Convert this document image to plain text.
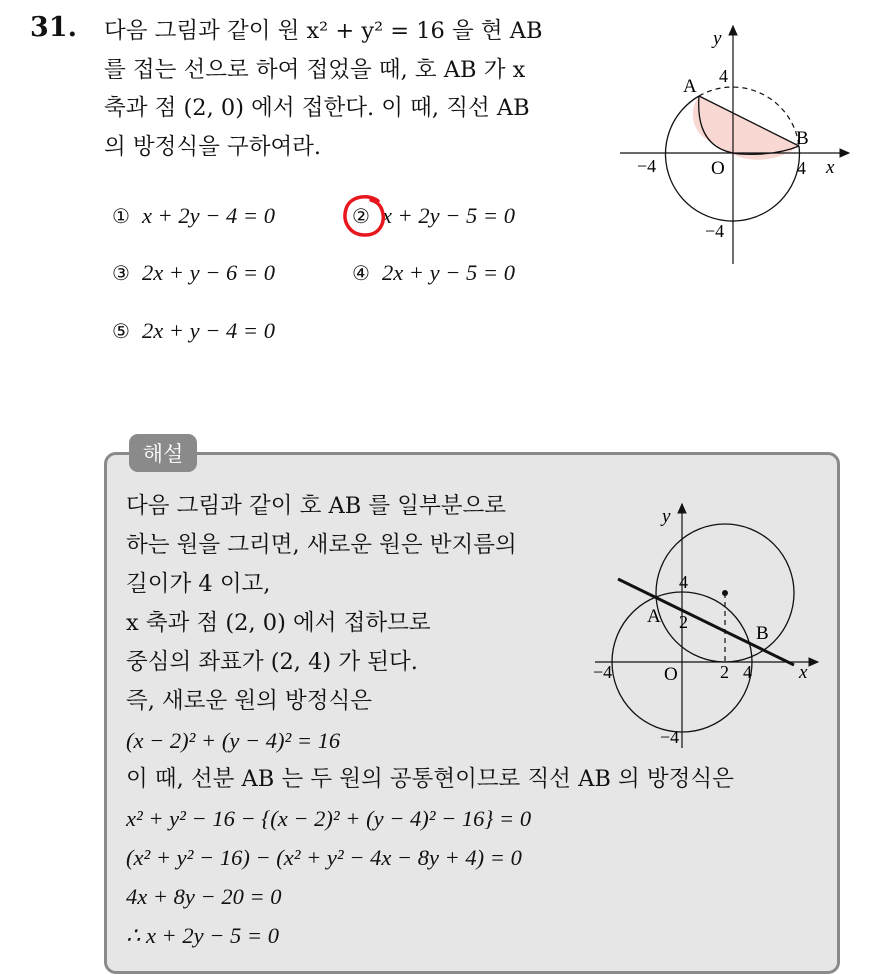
31. 다음 그림과 같이 원 x² + y² = 16 을 현 AB
를 접는 선으로 하여 접었을 때, 호 AB 가 x
축과 점 (2, 0) 에서 접한다. 이 때, 직선 AB
의 방정식을 구하여라.
① x + 2y − 4 = 0	② x + 2y − 5 = 0
③ 2x + y − 6 = 0	④ 2x + y − 5 = 0
⑤ 2x + y − 4 = 0
y
x
O
4
−4	4
−4
A
B
해설
다음 그림과 같이 호 AB 를 일부분으로
하는 원을 그리면, 새로운 원은 반지름의
길이가 4 이고,
x 축과 점 (2, 0) 에서 접하므로
중심의 좌표가 (2, 4) 가 된다.
즉, 새로운 원의 방정식은
(x − 2)² + (y − 4)² = 16
이 때, 선분 AB 는 두 원의 공통현이므로 직선 AB 의 방정식은
x² + y² − 16 − {(x − 2)² + (y − 4)² − 16} = 0
(x² + y² − 16) − (x² + y² − 4x − 8y + 4) = 0
4x + 8y − 20 = 0
∴ x + 2y − 5 = 0
y
x
O
4
2
−4	2 4
−4
A
B
